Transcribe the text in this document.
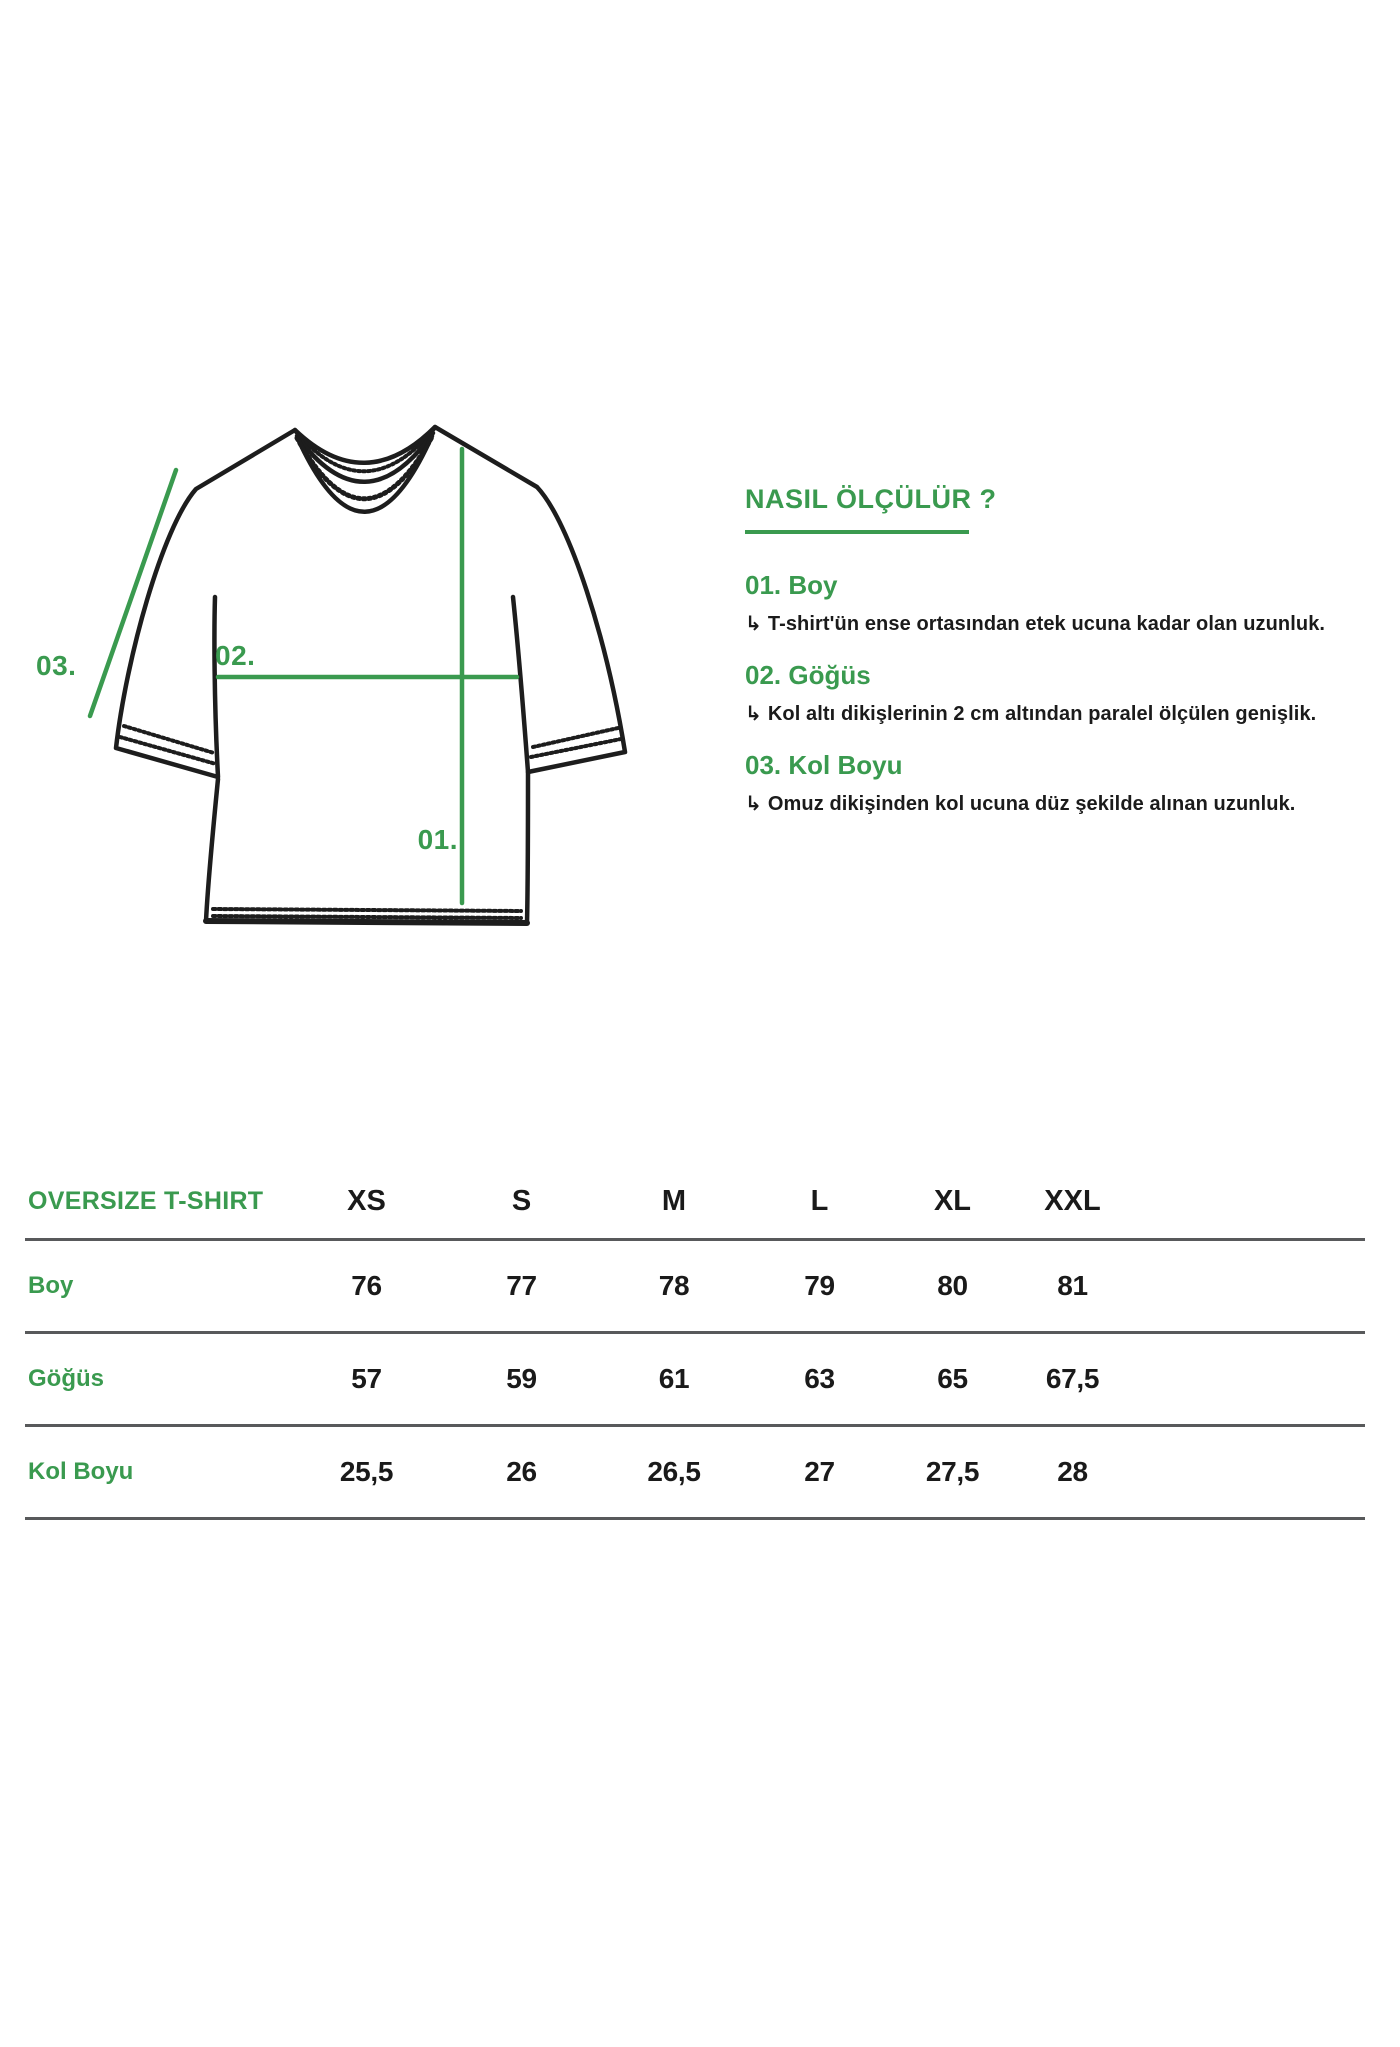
01.
02.
03.
NASIL ÖLÇÜLÜR ?

01. Boy

↳ T-shirt'ün ense ortasından etek ucuna kadar olan uzunluk.

02. Göğüs

↳ Kol altı dikişlerinin 2 cm altından paralel ölçülen genişlik.

03. Kol Boyu

↳ Omuz dikişinden kol ucuna düz şekilde alınan uzunluk.

OVERSIZE T-SHIRT	XS	S	M	L	XL	XXL
Boy	76	77	78	79	80	81
Göğüs	57	59	61	63	65	67,5
Kol Boyu	25,5	26	26,5	27	27,5	28
